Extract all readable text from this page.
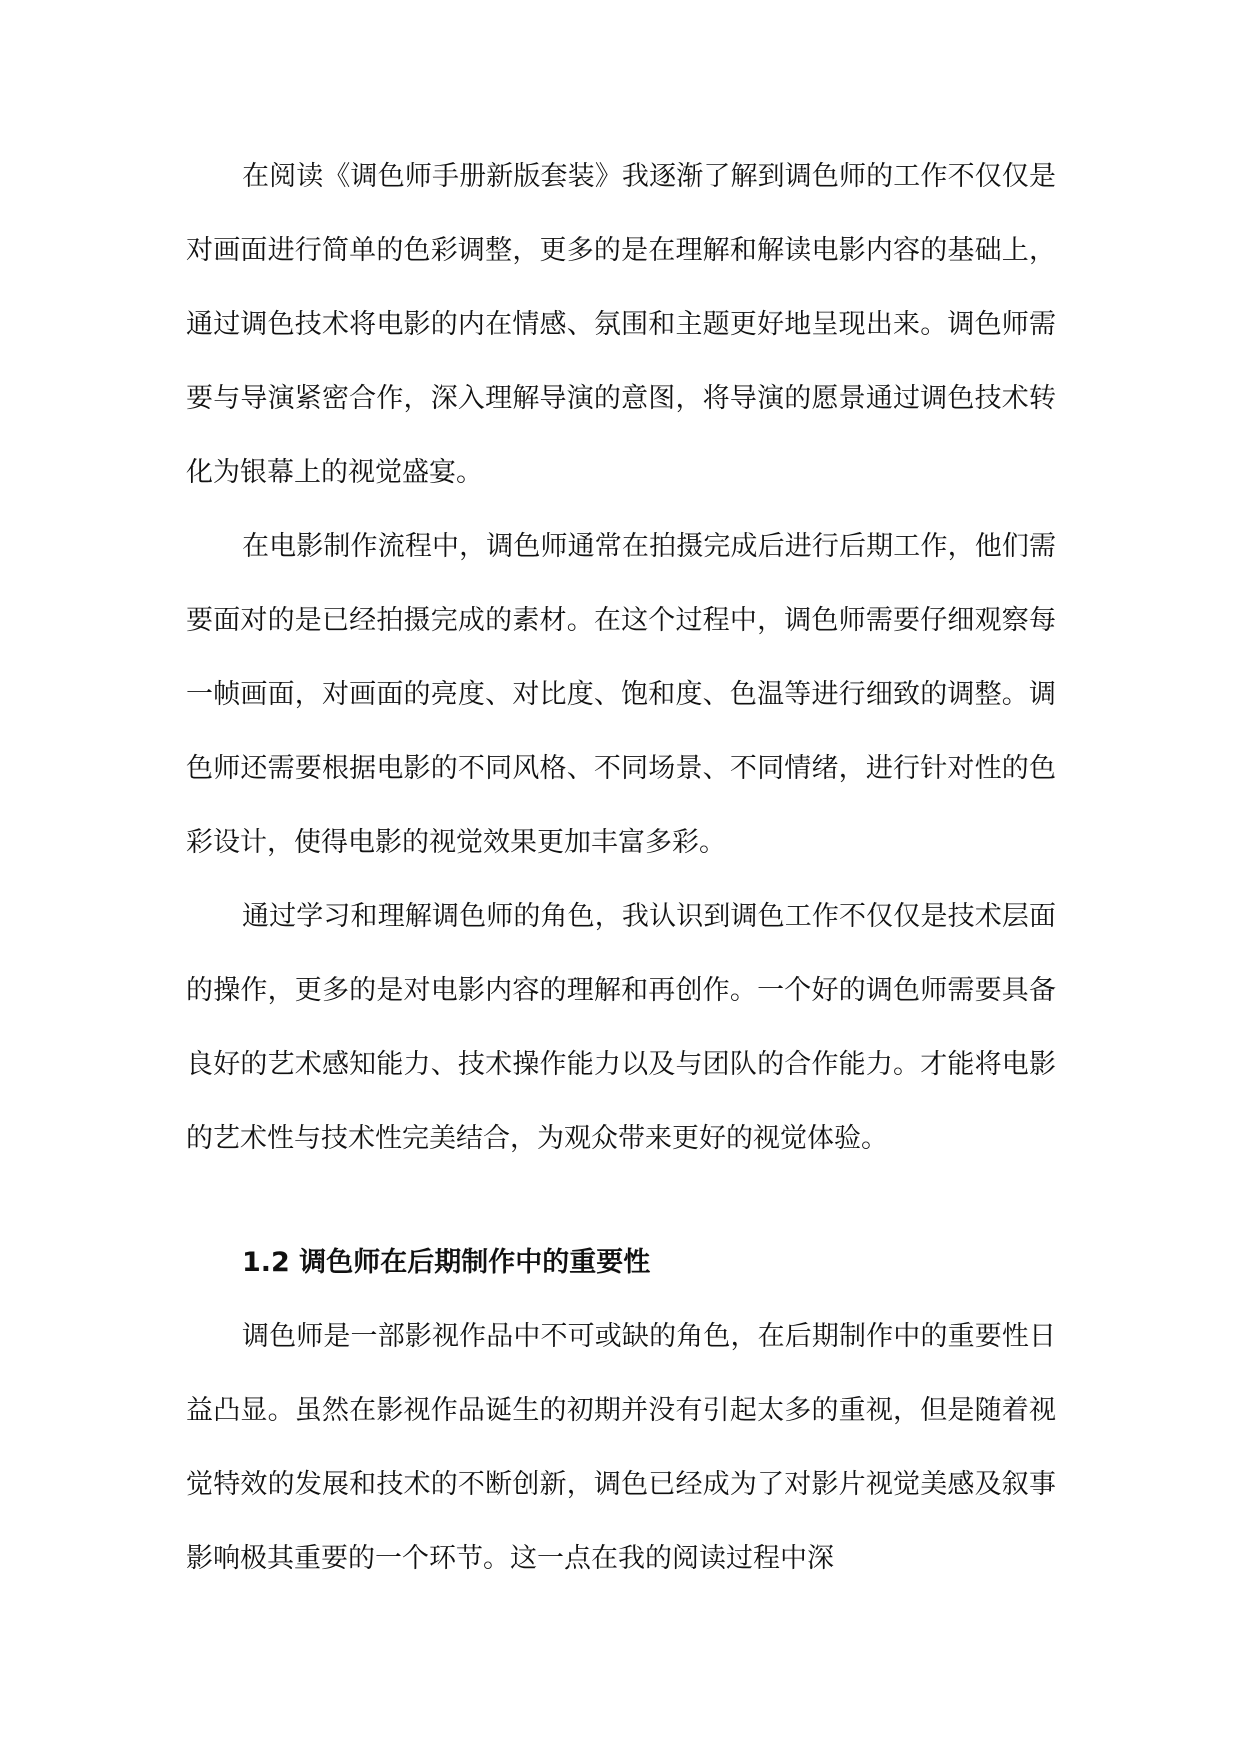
在阅读《调色师手册新版套装》我逐渐了解到调色师的工作不仅仅是对画面进行简单的色彩调整，更多的是在理解和解读电影内容的基础上，通过调色技术将电影的内在情感、氛围和主题更好地呈现出来。调色师需要与导演紧密合作，深入理解导演的意图，将导演的愿景通过调色技术转化为银幕上的视觉盛宴。

在电影制作流程中，调色师通常在拍摄完成后进行后期工作，他们需要面对的是已经拍摄完成的素材。在这个过程中，调色师需要仔细观察每一帧画面，对画面的亮度、对比度、饱和度、色温等进行细致的调整。调色师还需要根据电影的不同风格、不同场景、不同情绪，进行针对性的色彩设计，使得电影的视觉效果更加丰富多彩。

通过学习和理解调色师的角色，我认识到调色工作不仅仅是技术层面的操作，更多的是对电影内容的理解和再创作。一个好的调色师需要具备良好的艺术感知能力、技术操作能力以及与团队的合作能力。才能将电影的艺术性与技术性完美结合，为观众带来更好的视觉体验。

1.2 调色师在后期制作中的重要性

调色师是一部影视作品中不可或缺的角色，在后期制作中的重要性日益凸显。虽然在影视作品诞生的初期并没有引起太多的重视，但是随着视觉特效的发展和技术的不断创新，调色已经成为了对影片视觉美感及叙事影响极其重要的一个环节。这一点在我的阅读过程中深
